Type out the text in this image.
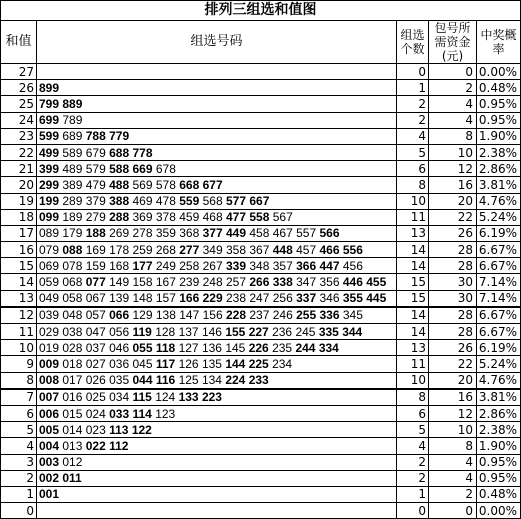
排列三组选和值图				
和值	组选号码	组选个数	包号所需资金(元)	中奖概率
27		0	0	0.00%
26	899	1	2	0.48%
25	799 889	2	4	0.95%
24	699 789	2	4	0.95%
23	599 689 788 779	4	8	1.90%
22	499 589 679 688 778	5	10	2.38%
21	399 489 579 588 669 678	6	12	2.86%
20	299 389 479 488 569 578 668 677	8	16	3.81%
19	199 289 379 388 469 478 559 568 577 667	10	20	4.76%
18	099 189 279 288 369 378 459 468 477 558 567	11	22	5.24%
17	089 179 188 269 278 359 368 377 449 458 467 557 566	13	26	6.19%
16	079 088 169 178 259 268 277 349 358 367 448 457 466 556	14	28	6.67%
15	069 078 159 168 177 249 258 267 339 348 357 366 447 456	14	28	6.67%
14	059 068 077 149 158 167 239 248 257 266 338 347 356 446 455	15	30	7.14%
13	049 058 067 139 148 157 166 229 238 247 256 337 346 355 445	15	30	7.14%
12	039 048 057 066 129 138 147 156 228 237 246 255 336 345	14	28	6.67%
11	029 038 047 056 119 128 137 146 155 227 236 245 335 344	14	28	6.67%
10	019 028 037 046 055 118 127 136 145 226 235 244 334	13	26	6.19%
9	009 018 027 036 045 117 126 135 144 225 234	11	22	5.24%
8	008 017 026 035 044 116 125 134 224 233	10	20	4.76%
7	007 016 025 034 115 124 133 223	8	16	3.81%
6	006 015 024 033 114 123	6	12	2.86%
5	005 014 023 113 122	5	10	2.38%
4	004 013 022 112	4	8	1.90%
3	003 012	2	4	0.95%
2	002 011	2	4	0.95%
1	001	1	2	0.48%
0		0	0	0.00%
